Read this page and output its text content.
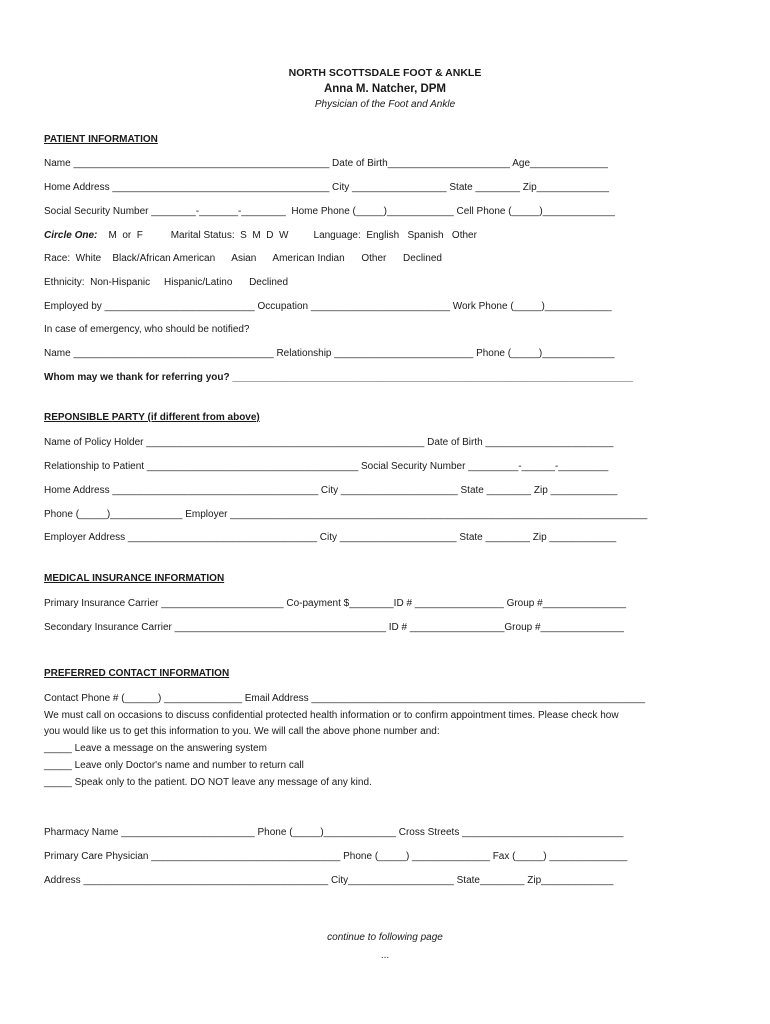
NORTH SCOTTSDALE FOOT & ANKLE
Anna M. Natcher, DPM
Physician of the Foot and Ankle
PATIENT INFORMATION
Name ______________________________________________ Date of Birth______________________ Age______________
Home Address _______________________________________ City _________________ State ________ Zip_____________
Social Security Number ________-_______-________  Home Phone (_____)____________ Cell Phone (_____)_____________
Circle One:    M  or  F          Marital Status:  S  M  D  W         Language:  English   Spanish   Other
Race:  White    Black/African American      Asian      American Indian      Other      Declined
Ethnicity:  Non-Hispanic     Hispanic/Latino      Declined
Employed by ___________________________ Occupation _________________________ Work Phone (_____)____________
In case of emergency, who should be notified?
Name ____________________________________ Relationship _________________________ Phone (_____)_____________
Whom may we thank for referring you? ________________________________________________________________________
REPONSIBLE PARTY (if different from above)
Name of Policy Holder __________________________________________________ Date of Birth _______________________
Relationship to Patient ______________________________________ Social Security Number _________-______-_________
Home Address _____________________________________ City _____________________ State ________ Zip ____________
Phone (_____)_____________ Employer ___________________________________________________________________________
Employer Address __________________________________ City _____________________ State ________ Zip ____________
MEDICAL INSURANCE INFORMATION
Primary Insurance Carrier ______________________ Co-payment $________ID # ________________ Group #_______________
Secondary Insurance Carrier ______________________________________ ID # _________________Group #_______________
PREFERRED CONTACT INFORMATION
Contact Phone # (______) ______________ Email Address ____________________________________________________________
We must call on occasions to discuss confidential protected health information or to confirm appointment times. Please check how
you would like us to get this information to you. We will call the above phone number and:
_____ Leave a message on the answering system
_____ Leave only Doctor's name and number to return call
_____ Speak only to the patient. DO NOT leave any message of any kind.
Pharmacy Name ________________________ Phone (_____)_____________ Cross Streets _____________________________
Primary Care Physician __________________________________ Phone (_____) ______________ Fax (_____) ______________
Address ____________________________________________ City___________________ State________ Zip_____________
continue to following page
...
